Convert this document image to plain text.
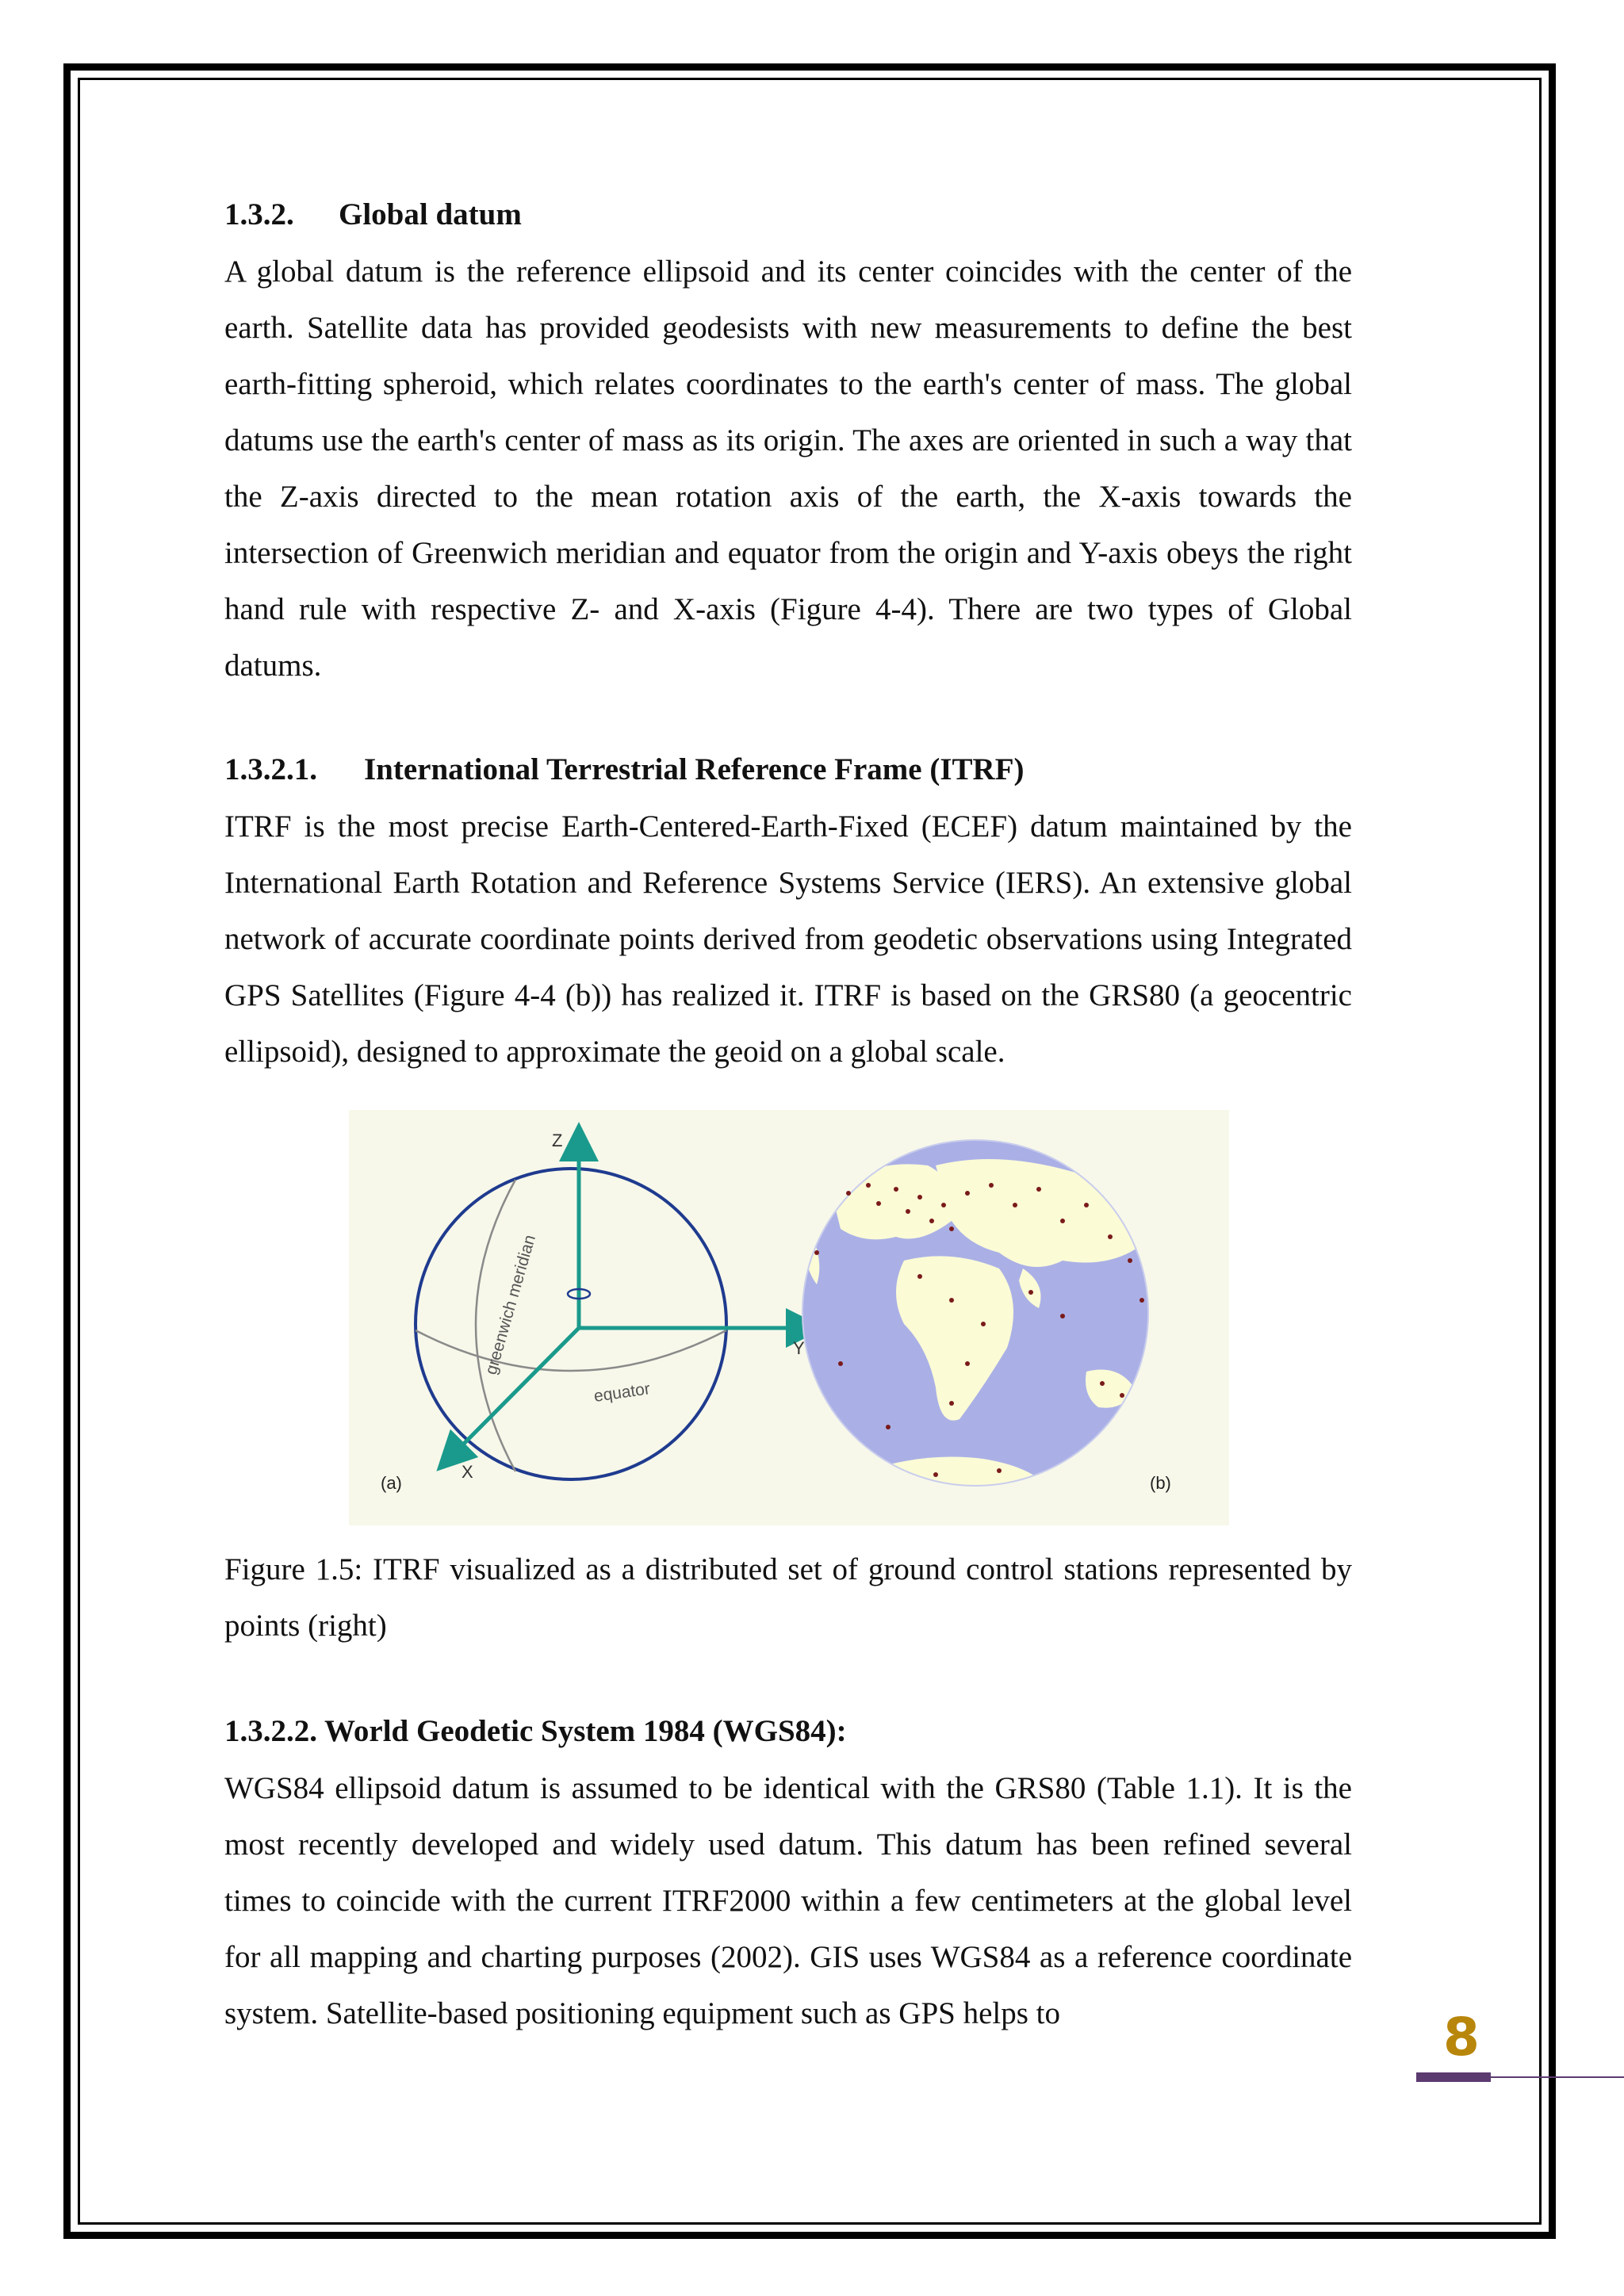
1.3.2. Global datum

A global datum is the reference ellipsoid and its center coincides with the center of the earth. Satellite data has provided geodesists with new measurements to define the best earth-fitting spheroid, which relates coordinates to the earth's center of mass. The global datums use the earth's center of mass as its origin. The axes are oriented in such a way that the Z-axis directed to the mean rotation axis of the earth, the X-axis towards the intersection of Greenwich meridian and equator from the origin and Y-axis obeys the right hand rule with respective Z- and X-axis (Figure 4-4). There are two types of Global datums.

1.3.2.1. International Terrestrial Reference Frame (ITRF)

ITRF is the most precise Earth-Centered-Earth-Fixed (ECEF) datum maintained by the International Earth Rotation and Reference Systems Service (IERS). An extensive global network of accurate coordinate points derived from geodetic observations using Integrated GPS Satellites (Figure 4-4 (b)) has realized it. ITRF is based on the GRS80 (a geocentric ellipsoid), designed to approximate the geoid on a global scale.

Z
Y
X
greenwich meridian
equator
(a)	(b)

Figure 1.5: ITRF visualized as a distributed set of ground control stations represented by points (right)

1.3.2.2. World Geodetic System 1984 (WGS84):

WGS84 ellipsoid datum is assumed to be identical with the GRS80 (Table 1.1). It is the most recently developed and widely used datum. This datum has been refined several times to coincide with the current ITRF2000 within a few centimeters at the global level for all mapping and charting purposes (2002). GIS uses WGS84 as a reference coordinate system. Satellite-based positioning equipment such as GPS helps to	8
